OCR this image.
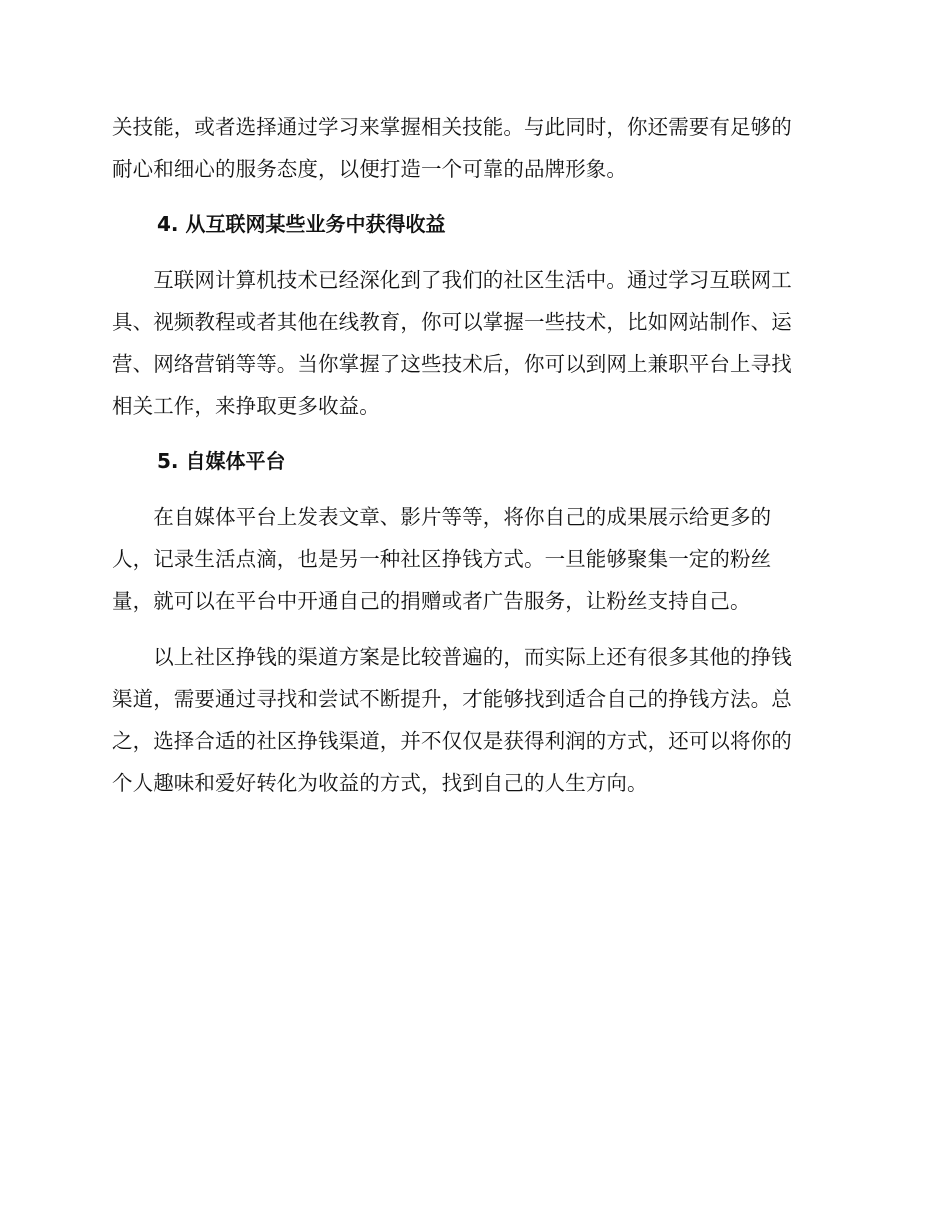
关技能，或者选择通过学习来掌握相关技能。与此同时，你还需要有足够的
耐心和细心的服务态度，以便打造一个可靠的品牌形象。
4. 从互联网某些业务中获得收益
　　互联网计算机技术已经深化到了我们的社区生活中。通过学习互联网工
具、视频教程或者其他在线教育，你可以掌握一些技术，比如网站制作、运
营、网络营销等等。当你掌握了这些技术后，你可以到网上兼职平台上寻找
相关工作，来挣取更多收益。
5. 自媒体平台
　　在自媒体平台上发表文章、影片等等，将你自己的成果展示给更多的
人，记录生活点滴，也是另一种社区挣钱方式。一旦能够聚集一定的粉丝
量，就可以在平台中开通自己的捐赠或者广告服务，让粉丝支持自己。
　　以上社区挣钱的渠道方案是比较普遍的，而实际上还有很多其他的挣钱
渠道，需要通过寻找和尝试不断提升，才能够找到适合自己的挣钱方法。总
之，选择合适的社区挣钱渠道，并不仅仅是获得利润的方式，还可以将你的
个人趣味和爱好转化为收益的方式，找到自己的人生方向。
